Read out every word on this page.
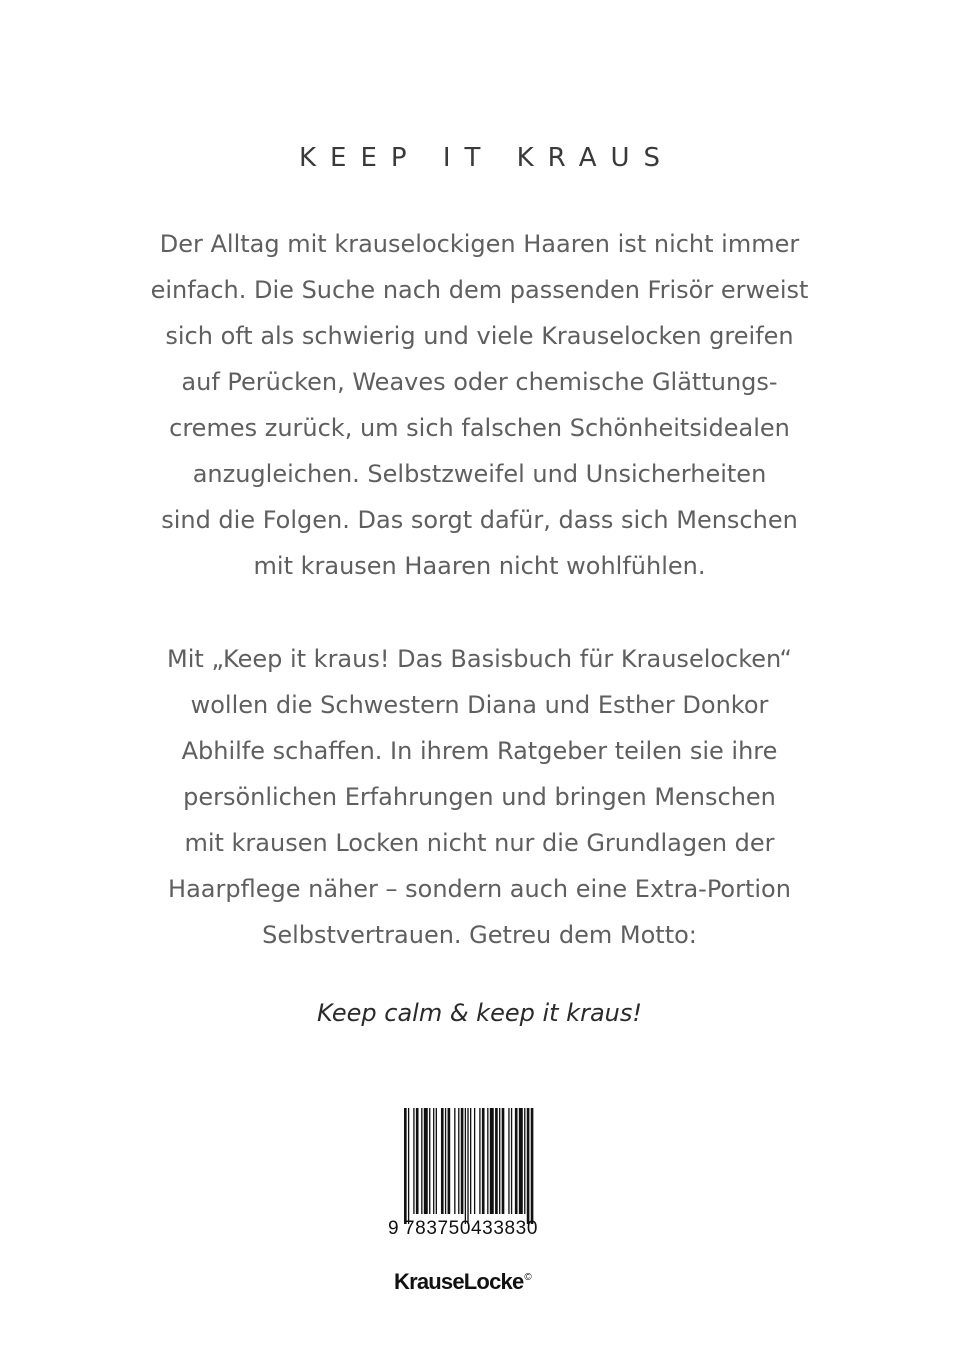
KEEP IT KRAUS

Der Alltag mit krauselockigen Haaren ist nicht immer
einfach. Die Suche nach dem passenden Frisör erweist
sich oft als schwierig und viele Krauselocken greifen
auf Perücken, Weaves oder chemische Glättungs-
cremes zurück, um sich falschen Schönheitsidealen
anzugleichen. Selbstzweifel und Unsicherheiten
sind die Folgen. Das sorgt dafür, dass sich Menschen
mit krausen Haaren nicht wohlfühlen.

Mit „Keep it kraus! Das Basisbuch für Krauselocken“
wollen die Schwestern Diana und Esther Donkor
Abhilfe schaffen. In ihrem Ratgeber teilen sie ihre
persönlichen Erfahrungen und bringen Menschen
mit krausen Locken nicht nur die Grundlagen der
Haarpflege näher – sondern auch eine Extra-Portion
Selbstvertrauen. Getreu dem Motto:

Keep calm & keep it kraus!
9 783750433830
KrauseLocke©
